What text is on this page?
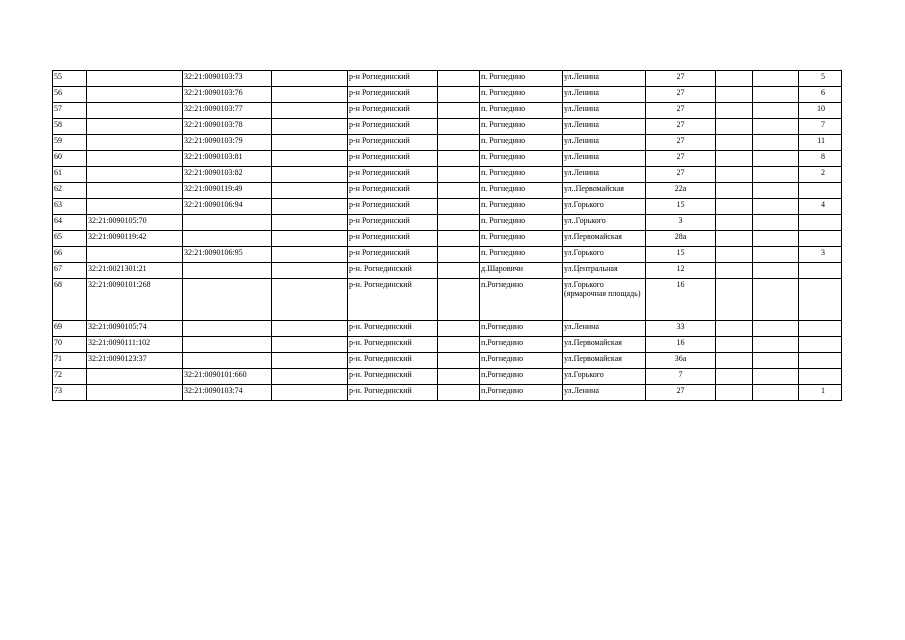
55		32:21:0090103:73		р-н Рогнединский		п. Рогнедино	ул.Ленина	27			5
56		32:21:0090103:76		р-н Рогнединский		п. Рогнедино	ул.Ленина	27			6
57		32:21:0090103:77		р-н Рогнединский		п. Рогнедино	ул.Ленина	27			10
58		32:21:0090103:78		р-н Рогнединский		п. Рогнедино	ул.Ленина	27			7
59		32:21:0090103:79		р-н Рогнединский		п. Рогнедино	ул.Ленина	27			11
60		32:21:0090103:81		р-н Рогнединский		п. Рогнедино	ул.Ленина	27			8
61		32:21:0090103:82		р-н Рогнединский		п. Рогнедино	ул.Ленина	27			2
62		32:21:0090119:49		р-н Рогнединский		п. Рогнедино	ул..Первомайская	22а			
63		32:21:0090106:94		р-н Рогнединский		п. Рогнедино	ул.Горького	15			4
64	32:21:0090105:70			р-н Рогнединский		п. Рогнедино	ул..Горького	3			
65	32:21:0090119:42			р-н Рогнединский		п. Рогнедино	ул.Первомайская	28а			
66		32:21:0090106:95		р-н Рогнединский		п. Рогнедино	ул.Горького	15			3
67	32:21:0021301:21			р-н. Рогнединский		д.Шаровичи	ул.Центральная	12			
68	32:21:0090101:268			р-н. Рогнединский		п.Рогнедино	ул.Горького (ярмарочная площадь)	16			
69	32:21:0090105:74			р-н. Рогнединский		п.Рогнедино	ул.Ленина	33			
70	32:21:0090111:102			р-н. Рогнединский		п.Рогнедино	ул.Первомайская	16			
71	32:21:0090123:37			р-н. Рогнединский		п.Рогнедино	ул.Первомайская	36а			
72		32:21:0090101:660		р-н. Рогнединский		п.Рогнедино	ул.Горького	7			
73		32:21:0090103:74		р-н. Рогнединский		п.Рогнедино	ул.Ленина	27			1
